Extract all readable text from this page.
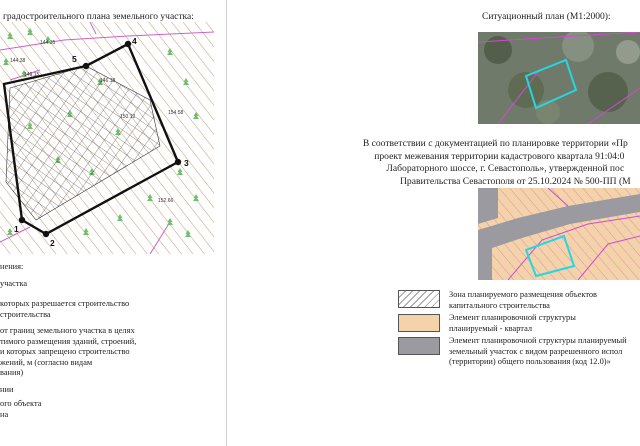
градостроительного плана земельного участка:
1
2
3
4
5
144.35
154.58
152.66
146.18
144.38
149.15
150.12
нения:
участка
которых разрешается строительство
строительства
от границ земельного участка в целях
тимого размещения зданий, строений,
и которых запрещено строительство
жений, м (согласно видам
вания)
нии
ого объекта
на
Ситуационный план (М1:2000):
В соответствии с документацией по планировке территории «Пр
проект межевания территории кадастрового квартала 91:04:0
Лабораторного шоссе, г. Севастополь», утвержденной пос
Правительства Севастополя от 25.10.2024 № 500-ПП (М
Зона планируемого размещения объектов
капитального строительства
Элемент планировочной структуры
планируемый - квартал
Элемент планировочной структуры планируемый
земельный участок с видом разрешенного испол
(территории) общего пользования (код 12.0)»
